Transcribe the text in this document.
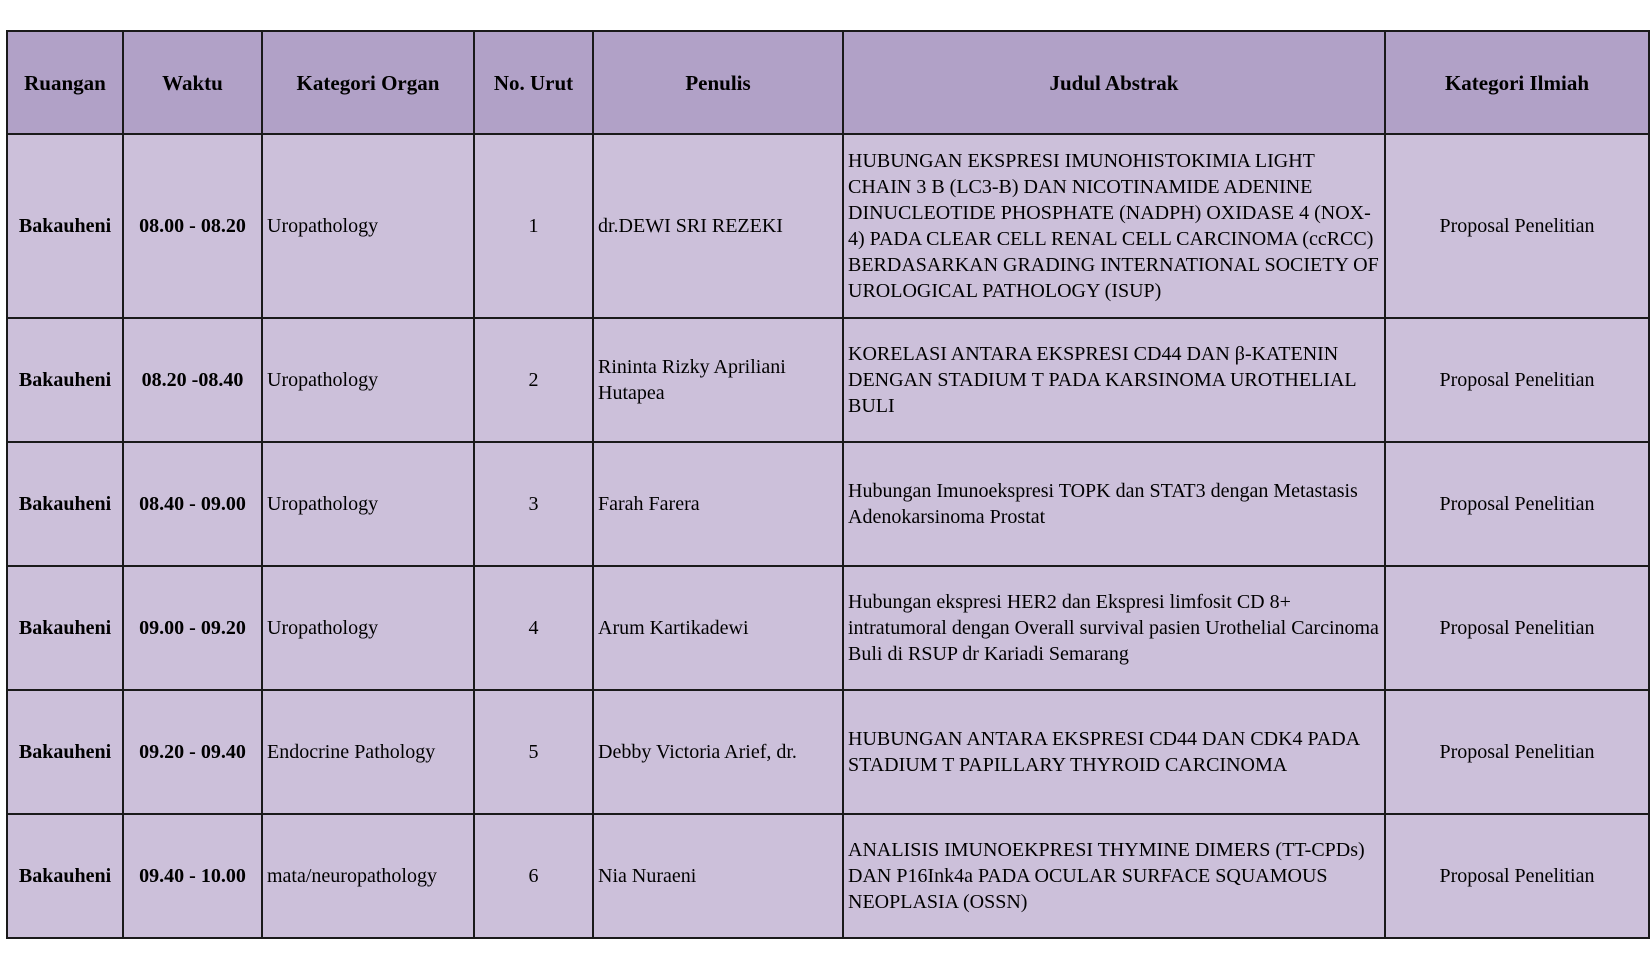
Ruangan	Waktu	Kategori Organ	No. Urut	Penulis	Judul Abstrak	Kategori Ilmiah
Bakauheni	08.00 - 08.20	Uropathology	1	dr.DEWI SRI REZEKI	HUBUNGAN EKSPRESI IMUNOHISTOKIMIA LIGHT CHAIN 3 B (LC3-B) DAN NICOTINAMIDE ADENINE DINUCLEOTIDE PHOSPHATE (NADPH) OXIDASE 4 (NOX-4) PADA CLEAR CELL RENAL CELL CARCINOMA (ccRCC) BERDASARKAN GRADING INTERNATIONAL SOCIETY OF UROLOGICAL PATHOLOGY (ISUP)	Proposal Penelitian
Bakauheni	08.20 -08.40	Uropathology	2	Rininta Rizky Apriliani Hutapea	KORELASI ANTARA EKSPRESI CD44 DAN β-KATENIN DENGAN STADIUM T PADA KARSINOMA UROTHELIAL BULI	Proposal Penelitian
Bakauheni	08.40 - 09.00	Uropathology	3	Farah Farera	Hubungan Imunoekspresi TOPK dan STAT3 dengan Metastasis Adenokarsinoma Prostat	Proposal Penelitian
Bakauheni	09.00 - 09.20	Uropathology	4	Arum Kartikadewi	Hubungan ekspresi HER2 dan Ekspresi limfosit CD 8+ intratumoral dengan Overall survival pasien Urothelial Carcinoma Buli di RSUP dr Kariadi Semarang	Proposal Penelitian
Bakauheni	09.20 - 09.40	Endocrine Pathology	5	Debby Victoria Arief, dr.	HUBUNGAN ANTARA EKSPRESI CD44 DAN CDK4 PADA STADIUM T PAPILLARY THYROID CARCINOMA	Proposal Penelitian
Bakauheni	09.40 - 10.00	mata/neuropathology	6	Nia Nuraeni	ANALISIS IMUNOEKPRESI THYMINE DIMERS (TT-CPDs) DAN P16Ink4a PADA OCULAR SURFACE SQUAMOUS NEOPLASIA (OSSN)	Proposal Penelitian
